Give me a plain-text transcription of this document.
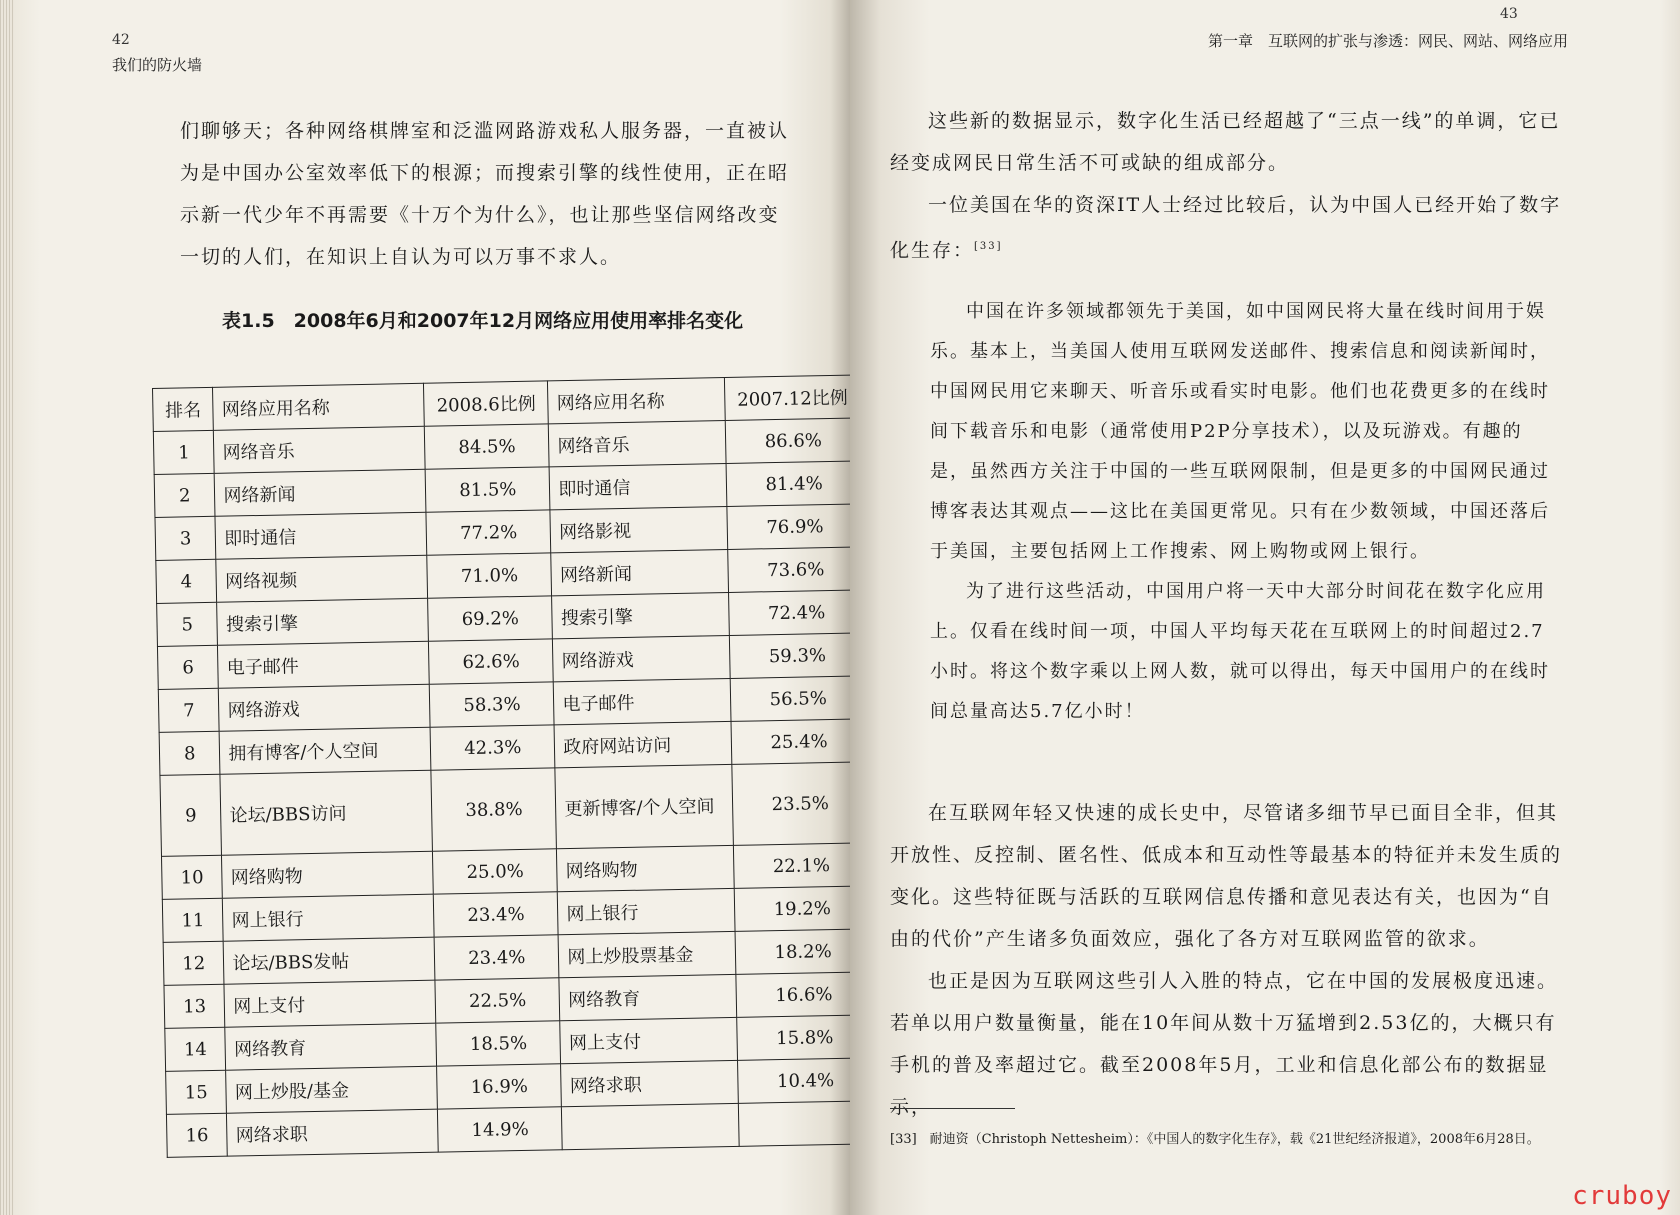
42
我们的防火墙

们聊够天；各种网络棋牌室和泛滥网路游戏私人服务器，一直被认为是中国办公室效率低下的根源；而搜索引擎的线性使用，正在昭示新一代少年不再需要《十万个为什么》，也让那些坚信网络改变一切的人们，在知识上自认为可以万事不求人。

表1.5　2008年6月和2007年12月网络应用使用率排名变化
排名	网络应用名称	2008.6比例	网络应用名称	2007.12比例
1	网络音乐	84.5%	网络音乐	86.6%
2	网络新闻	81.5%	即时通信	81.4%
3	即时通信	77.2%	网络影视	76.9%
4	网络视频	71.0%	网络新闻	73.6%
5	搜索引擎	69.2%	搜索引擎	72.4%
6	电子邮件	62.6%	网络游戏	59.3%
7	网络游戏	58.3%	电子邮件	56.5%
8	拥有博客/个人空间	42.3%	政府网站访问	25.4%
9	论坛/BBS访问	38.8%	更新博客/个人空间	23.5%
10	网络购物	25.0%	网络购物	22.1%
11	网上银行	23.4%	网上银行	19.2%
12	论坛/BBS发帖	23.4%	网上炒股票基金	18.2%
13	网上支付	22.5%	网络教育	16.6%
14	网络教育	18.5%	网上支付	15.8%
15	网上炒股/基金	16.9%	网络求职	10.4%
16	网络求职	14.9%		
43
第一章　互联网的扩张与渗透：网民、网站、网络应用

这些新的数据显示，数字化生活已经超越了“三点一线”的单调，它已经变成网民日常生活不可或缺的组成部分。

一位美国在华的资深IT人士经过比较后，认为中国人已经开始了数字化生存：[33]

中国在许多领域都领先于美国，如中国网民将大量在线时间用于娱乐。基本上，当美国人使用互联网发送邮件、搜索信息和阅读新闻时，中国网民用它来聊天、听音乐或看实时电影。他们也花费更多的在线时间下载音乐和电影（通常使用P2P分享技术），以及玩游戏。有趣的是，虽然西方关注于中国的一些互联网限制，但是更多的中国网民通过博客表达其观点——这比在美国更常见。只有在少数领域，中国还落后于美国，主要包括网上工作搜索、网上购物或网上银行。

为了进行这些活动，中国用户将一天中大部分时间花在数字化应用上。仅看在线时间一项，中国人平均每天花在互联网上的时间超过2.7小时。将这个数字乘以上网人数，就可以得出，每天中国用户的在线时间总量高达5.7亿小时！

在互联网年轻又快速的成长史中，尽管诸多细节早已面目全非，但其开放性、反控制、匿名性、低成本和互动性等最基本的特征并未发生质的变化。这些特征既与活跃的互联网信息传播和意见表达有关，也因为“自由的代价”产生诸多负面效应，强化了各方对互联网监管的欲求。

也正是因为互联网这些引人入胜的特点，它在中国的发展极度迅速。若单以用户数量衡量，能在10年间从数十万猛增到2.53亿的，大概只有手机的普及率超过它。截至2008年5月，工业和信息化部公布的数据显示，

[33]　耐迪资（Christoph Nettesheim）：《中国人的数字化生存》，载《21世纪经济报道》，2008年6月28日。
cruboy
